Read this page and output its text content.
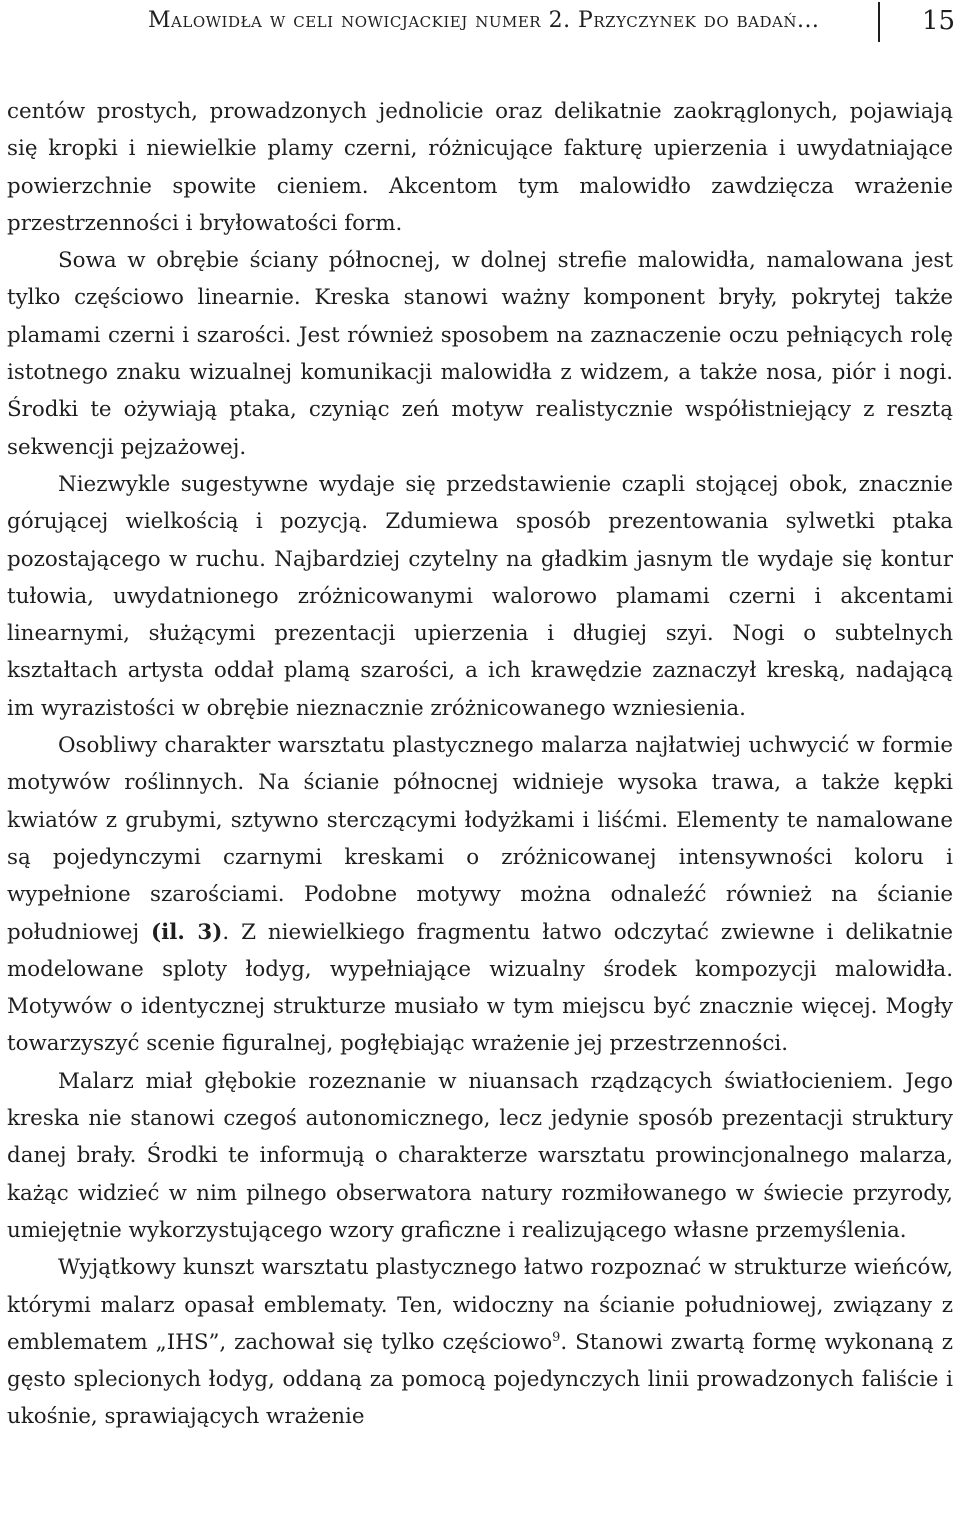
Malowidła w celi nowicjackiej numer 2. Przyczynek do badań...	15

centów prostych, prowadzonych jednolicie oraz delikatnie zaokrąglonych, pojawiają się kropki i niewielkie plamy czerni, różnicujące fakturę upierzenia i uwydatniające powierzchnie spowite cieniem. Akcentom tym malowidło zawdzięcza wrażenie przestrzenności i bryłowatości form.

Sowa w obrębie ściany północnej, w dolnej strefie malowidła, namalowana jest tylko częściowo linearnie. Kreska stanowi ważny komponent bryły, pokrytej także plamami czerni i szarości. Jest również sposobem na zaznaczenie oczu pełniących rolę istotnego znaku wizualnej komunikacji malowidła z widzem, a także nosa, piór i nogi. Środki te ożywiają ptaka, czyniąc zeń motyw realistycznie współistniejący z resztą sekwencji pejzażowej.

Niezwykle sugestywne wydaje się przedstawienie czapli stojącej obok, znacznie górującej wielkością i pozycją. Zdumiewa sposób prezentowania sylwetki ptaka pozostającego w ruchu. Najbardziej czytelny na gładkim jasnym tle wydaje się kontur tułowia, uwydatnionego zróżnicowanymi walorowo plamami czerni i akcentami linearnymi, służącymi prezentacji upierzenia i długiej szyi. Nogi o subtelnych kształtach artysta oddał plamą szarości, a ich krawędzie zaznaczył kreską, nadającą im wyrazistości w obrębie nieznacznie zróżnicowanego wzniesienia.

Osobliwy charakter warsztatu plastycznego malarza najłatwiej uchwycić w formie motywów roślinnych. Na ścianie północnej widnieje wysoka trawa, a także kępki kwiatów z grubymi, sztywno sterczącymi łodyżkami i liśćmi. Elementy te namalowane są pojedynczymi czarnymi kreskami o zróżnicowanej intensywności koloru i wypełnione szarościami. Podobne motywy można odnaleźć również na ścianie południowej (il. 3). Z niewielkiego fragmentu łatwo odczytać zwiewne i delikatnie modelowane sploty łodyg, wypełniające wizualny środek kompozycji malowidła. Motywów o identycznej strukturze musiało w tym miejscu być znacznie więcej. Mogły towarzyszyć scenie figuralnej, pogłębiając wrażenie jej przestrzenności.

Malarz miał głębokie rozeznanie w niuansach rządzących światłocieniem. Jego kreska nie stanowi czegoś autonomicznego, lecz jedynie sposób prezentacji struktury danej brały. Środki te informują o charakterze warsztatu prowincjonalnego malarza, każąc widzieć w nim pilnego obserwatora natury rozmiłowanego w świecie przyrody, umiejętnie wykorzystującego wzory graficzne i realizującego własne przemyślenia.

Wyjątkowy kunszt warsztatu plastycznego łatwo rozpoznać w strukturze wieńców, którymi malarz opasał emblematy. Ten, widoczny na ścianie południowej, związany z emblematem „IHS”, zachował się tylko częściowo$^9$. Stanowi zwartą formę wykonaną z gęsto splecionych łodyg, oddaną za pomocą pojedynczych linii prowadzonych faliście i ukośnie, sprawiających wrażenie
